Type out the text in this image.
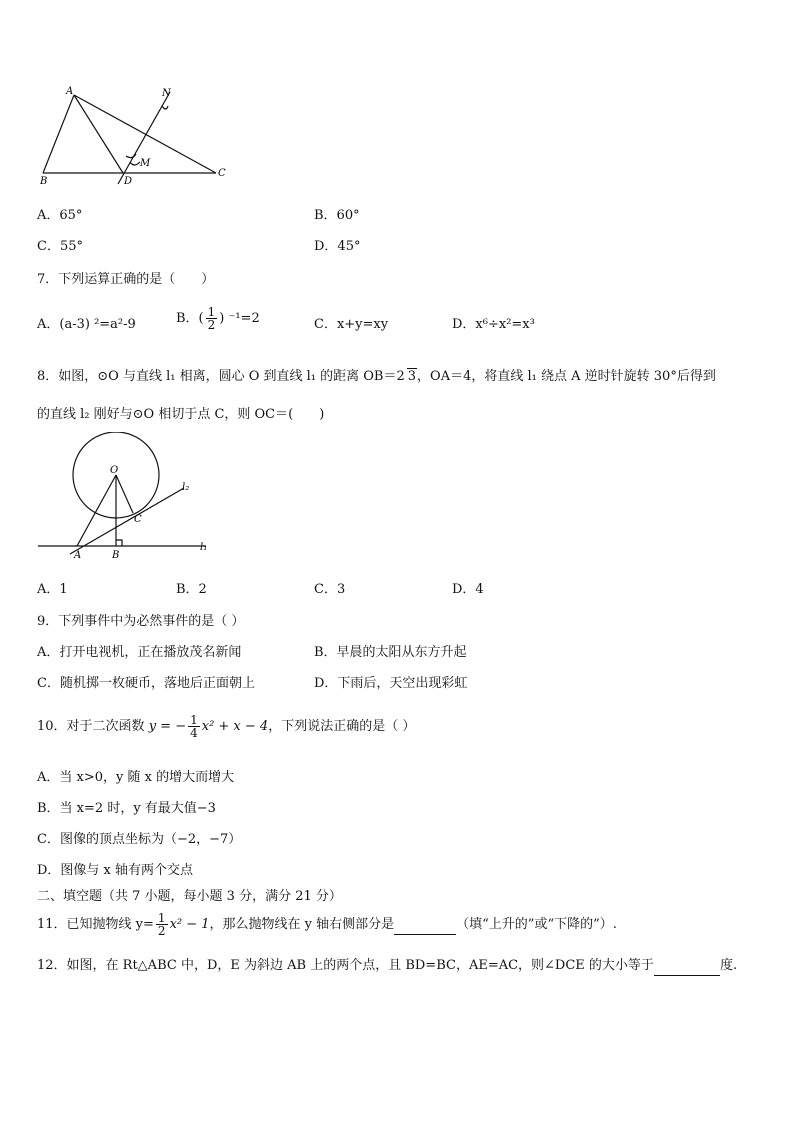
A
B
C
D
M
N
A．65°	B．60°
C．55°	D．45°
7．下列运算正确的是（　　）
A．(a-3) ²=a²-9	B．( $\frac{1}{2}$ ) ⁻¹=2	C．x+y=xy	D．x⁶÷x²=x³
8．如图，⊙O 与直线 l₁ 相离，圆心 O 到直线 l₁ 的距离 OB＝2 3，OA＝4，将直线 l₁ 绕点 A 逆时针旋转 30°后得到
的直线 l₂ 刚好与⊙O 相切于点 C，则 OC＝(　　)
O
C
A	B
l₁
l₂
A．1	B．2	C．3	D．4
9．下列事件中为必然事件的是（ ）
A．打开电视机，正在播放茂名新闻	B．早晨的太阳从东方升起
C．随机掷一枚硬币，落地后正面朝上	D．下雨后，天空出现彩虹
10．对于二次函数 y = − $\frac{1}{4} x^2 + x - 4$，下列说法正确的是（ ）
A．当 x>0，y 随 x 的增大而增大
B．当 x=2 时，y 有最大值−3
C．图像的顶点坐标为（−2，−7）
D．图像与 x 轴有两个交点
二、填空题（共 7 小题，每小题 3 分，满分 21 分）
11．已知抛物线 $y= \frac{1}{2} x^2 - 1$，那么抛物线在 y 轴右侧部分是	（填“上升的”或“下降的”）.
12．如图，在 Rt△ABC 中，D，E 为斜边 AB 上的两个点，且 BD=BC，AE=AC，则∠DCE 的大小等于	度.
